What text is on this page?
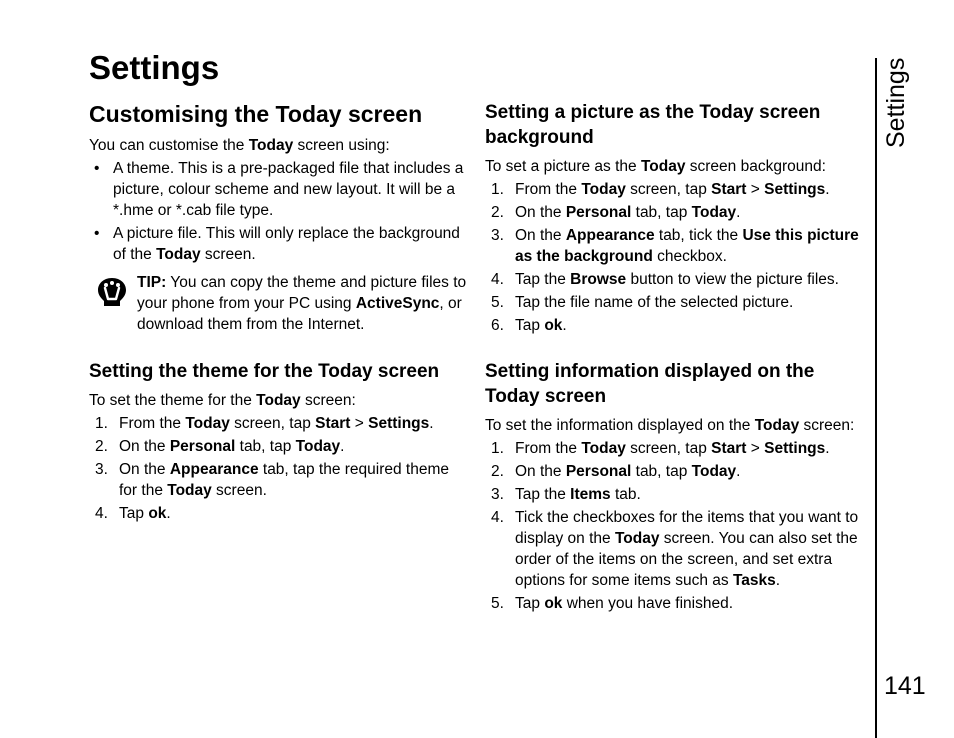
Settings
Customising the Today screen

You can customise the Today screen using:

• A theme. This is a pre-packaged file that includes a picture, colour scheme and new layout. It will be a *.hme or *.cab file type.
• A picture file. This will only replace the background of the Today screen.
TIP: You can copy the theme and picture files to your phone from your PC using ActiveSync, or download them from the Internet.
Setting the theme for the Today screen

To set the theme for the Today screen:

1. From the Today screen, tap Start > Settings.
2. On the Personal tab, tap Today.
3. On the Appearance tab, tap the required theme for the Today screen.
4. Tap ok.
Setting a picture as the Today screen background

To set a picture as the Today screen background:

1. From the Today screen, tap Start > Settings.
2. On the Personal tab, tap Today.
3. On the Appearance tab, tick the Use this picture as the background checkbox.
4. Tap the Browse button to view the picture files.
5. Tap the file name of the selected picture.
6. Tap ok.
Setting information displayed on the Today screen

To set the information displayed on the Today screen:

1. From the Today screen, tap Start > Settings.
2. On the Personal tab, tap Today.
3. Tap the Items tab.
4. Tick the checkboxes for the items that you want to display on the Today screen. You can also set the order of the items on the screen, and set extra options for some items such as Tasks.
5. Tap ok when you have finished.
Settings
141
